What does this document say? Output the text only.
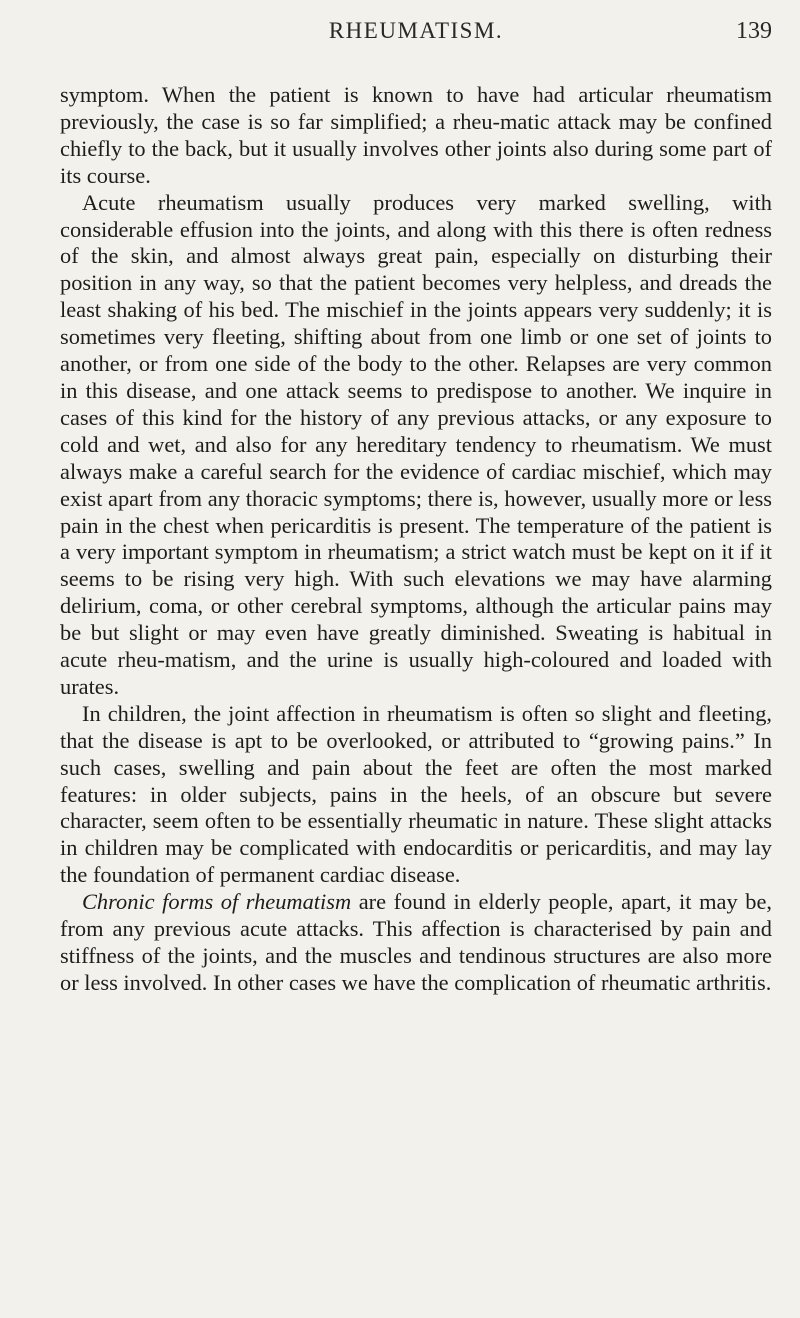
RHEUMATISM.	139

symptom. When the patient is known to have had articular rheumatism previously, the case is so far simplified; a rheu-matic attack may be confined chiefly to the back, but it usually involves other joints also during some part of its course.

Acute rheumatism usually produces very marked swelling, with considerable effusion into the joints, and along with this there is often redness of the skin, and almost always great pain, especially on disturbing their position in any way, so that the patient becomes very helpless, and dreads the least shaking of his bed. The mischief in the joints appears very suddenly; it is sometimes very fleeting, shifting about from one limb or one set of joints to another, or from one side of the body to the other. Relapses are very common in this disease, and one attack seems to predispose to another. We inquire in cases of this kind for the history of any previous attacks, or any exposure to cold and wet, and also for any hereditary tendency to rheumatism. We must always make a careful search for the evidence of cardiac mischief, which may exist apart from any thoracic symptoms; there is, however, usually more or less pain in the chest when pericarditis is present. The temperature of the patient is a very important symptom in rheumatism; a strict watch must be kept on it if it seems to be rising very high. With such elevations we may have alarming delirium, coma, or other cerebral symptoms, although the articular pains may be but slight or may even have greatly diminished. Sweating is habitual in acute rheu-matism, and the urine is usually high-coloured and loaded with urates.

In children, the joint affection in rheumatism is often so slight and fleeting, that the disease is apt to be overlooked, or attributed to “growing pains.” In such cases, swelling and pain about the feet are often the most marked features: in older subjects, pains in the heels, of an obscure but severe character, seem often to be essentially rheumatic in nature. These slight attacks in children may be complicated with endocarditis or pericarditis, and may lay the foundation of permanent cardiac disease.

Chronic forms of rheumatism are found in elderly people, apart, it may be, from any previous acute attacks. This affection is characterised by pain and stiffness of the joints, and the muscles and tendinous structures are also more or less involved. In other cases we have the complication of rheumatic arthritis.
